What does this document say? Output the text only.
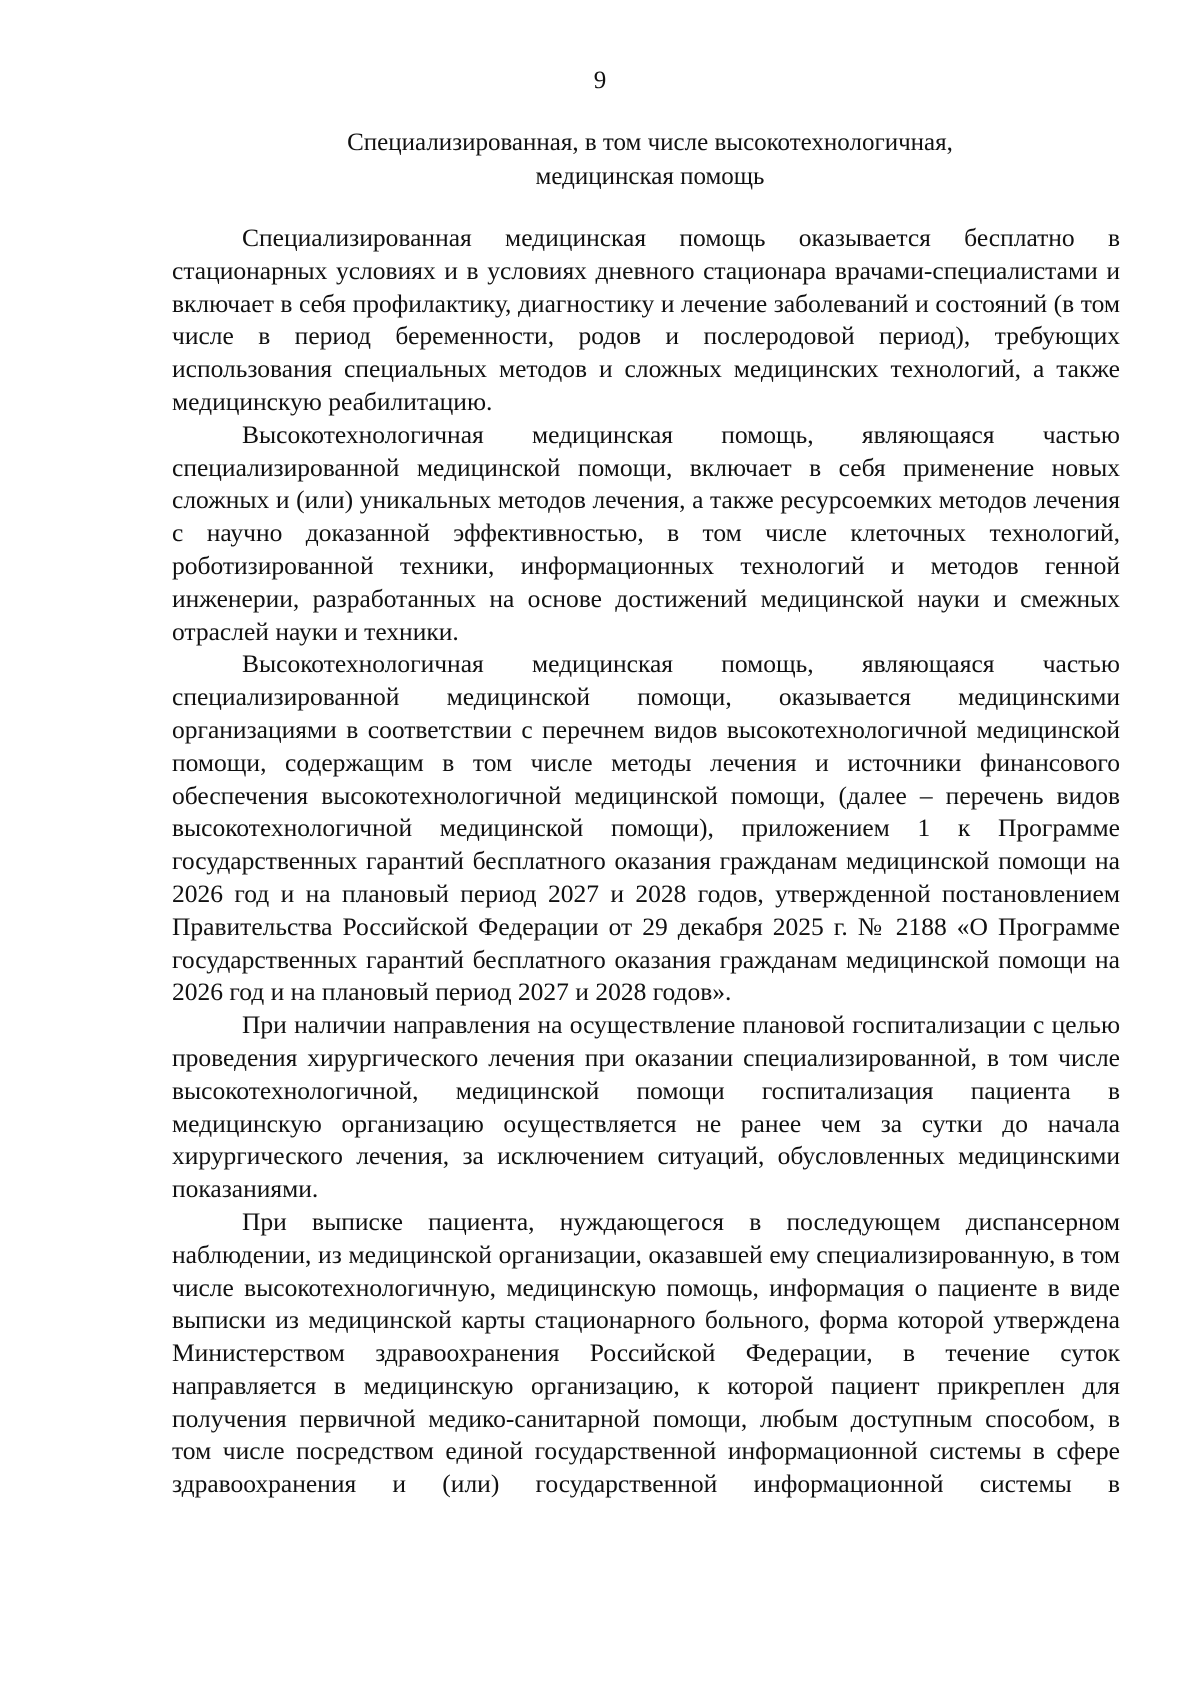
9
Специализированная, в том числе высокотехнологичная,
медицинская помощь

Специализированная медицинская помощь оказывается бесплатно в стационарных условиях и в условиях дневного стационара врачами-специалистами и включает в себя профилактику, диагностику и лечение заболеваний и состояний (в том числе в период беременности, родов и послеродовой период), требующих использования специальных методов и сложных медицинских технологий, а также медицинскую реабилитацию.

Высокотехнологичная медицинская помощь, являющаяся частью специализированной медицинской помощи, включает в себя применение новых сложных и (или) уникальных методов лечения, а также ресурсоемких методов лечения с научно доказанной эффективностью, в том числе клеточных технологий, роботизированной техники, информационных технологий и методов генной инженерии, разработанных на основе достижений медицинской науки и смежных отраслей науки и техники.

Высокотехнологичная медицинская помощь, являющаяся частью специализированной медицинской помощи, оказывается медицинскими организациями в соответствии с перечнем видов высокотехнологичной медицинской помощи, содержащим в том числе методы лечения и источники финансового обеспечения высокотехнологичной медицинской помощи, (далее – перечень видов высокотехнологичной медицинской помощи), приложением 1 к Программе государственных гарантий бесплатного оказания гражданам медицинской помощи на 2026 год и на плановый период 2027 и 2028 годов, утвержденной постановлением Правительства Российской Федерации от 29 декабря 2025 г. № 2188 «О Программе государственных гарантий бесплатного оказания гражданам медицинской помощи на 2026 год и на плановый период 2027 и 2028 годов».

При наличии направления на осуществление плановой госпитализации с целью проведения хирургического лечения при оказании специализированной, в том числе высокотехнологичной, медицинской помощи госпитализация пациента в медицинскую организацию осуществляется не ранее чем за сутки до начала хирургического лечения, за исключением ситуаций, обусловленных медицинскими показаниями.

При выписке пациента, нуждающегося в последующем диспансерном наблюдении, из медицинской организации, оказавшей ему специализированную, в том числе высокотехнологичную, медицинскую помощь, информация о пациенте в виде выписки из медицинской карты стационарного больного, форма которой утверждена Министерством здравоохранения Российской Федерации, в течение суток направляется в медицинскую организацию, к которой пациент прикреплен для получения первичной медико-санитарной помощи, любым доступным способом, в том числе посредством единой государственной информационной системы в сфере здравоохранения и (или) государственной информационной системы в
